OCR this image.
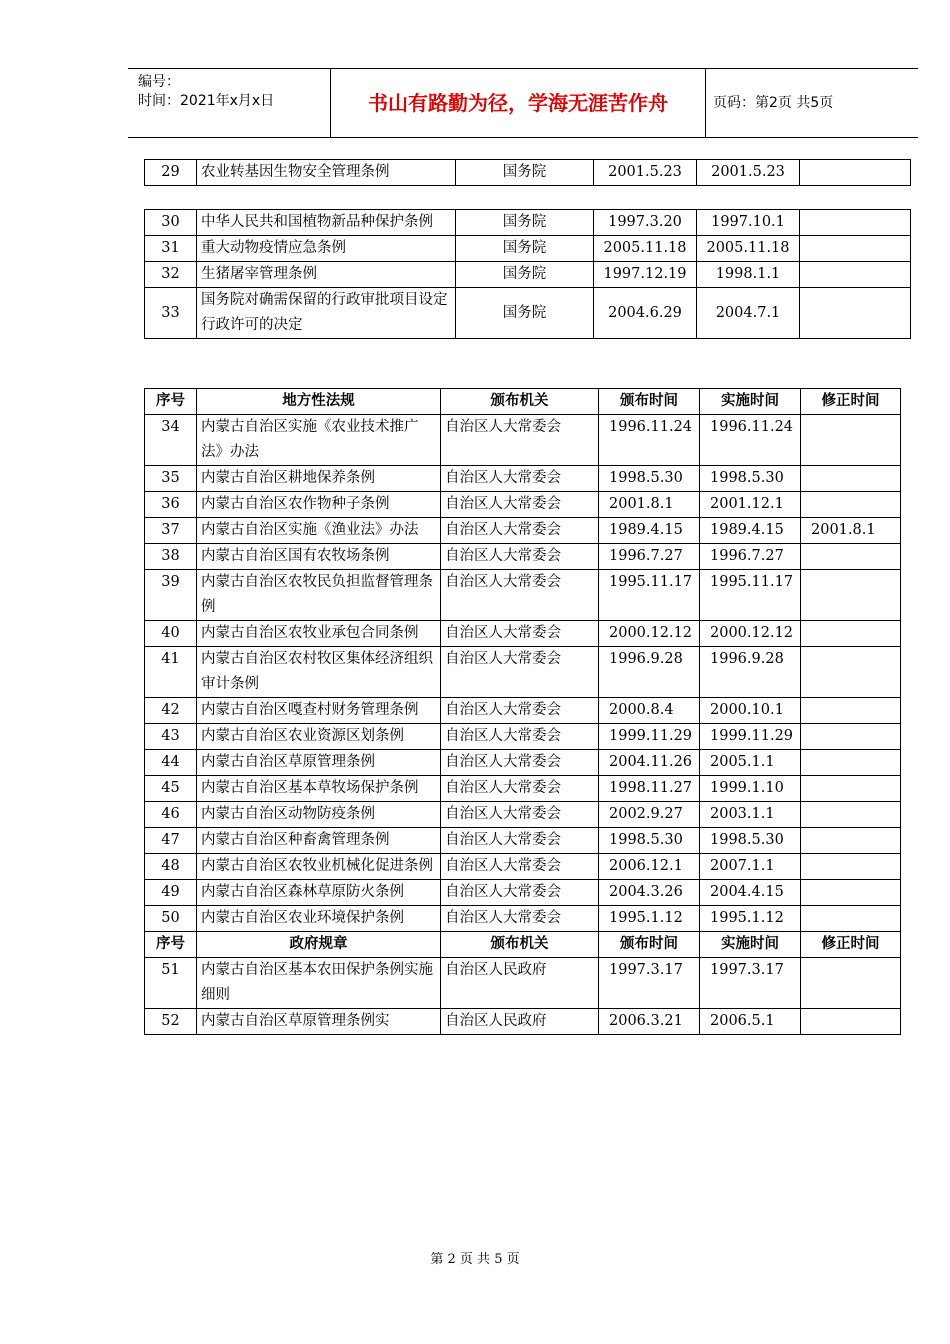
编号：
时间：2021年x月x日	书山有路勤为径，学海无涯苦作舟	页码：第2页 共5页
29	农业转基因生物安全管理条例	国务院	2001.5.23	2001.5.23	
30	中华人民共和国植物新品种保护条例	国务院	1997.3.20	1997.10.1	
31	重大动物疫情应急条例	国务院	2005.11.18	2005.11.18	
32	生猪屠宰管理条例	国务院	1997.12.19	1998.1.1	
33	国务院对确需保留的行政审批项目设定行政许可的决定	国务院	2004.6.29	2004.7.1	
序号	地方性法规	颁布机关	颁布时间	实施时间	修正时间
34	内蒙古自治区实施《农业技术推广法》办法	自治区人大常委会	1996.11.24	1996.11.24	
35	内蒙古自治区耕地保养条例	自治区人大常委会	1998.5.30	1998.5.30	
36	内蒙古自治区农作物种子条例	自治区人大常委会	2001.8.1	2001.12.1	
37	内蒙古自治区实施《渔业法》办法	自治区人大常委会	1989.4.15	1989.4.15	2001.8.1
38	内蒙古自治区国有农牧场条例	自治区人大常委会	1996.7.27	1996.7.27	
39	内蒙古自治区农牧民负担监督管理条例	自治区人大常委会	1995.11.17	1995.11.17	
40	内蒙古自治区农牧业承包合同条例	自治区人大常委会	2000.12.12	2000.12.12	
41	内蒙古自治区农村牧区集体经济组织审计条例	自治区人大常委会	1996.9.28	1996.9.28	
42	内蒙古自治区嘎查村财务管理条例	自治区人大常委会	2000.8.4	2000.10.1	
43	内蒙古自治区农业资源区划条例	自治区人大常委会	1999.11.29	1999.11.29	
44	内蒙古自治区草原管理条例	自治区人大常委会	2004.11.26	2005.1.1	
45	内蒙古自治区基本草牧场保护条例	自治区人大常委会	1998.11.27	1999.1.10	
46	内蒙古自治区动物防疫条例	自治区人大常委会	2002.9.27	2003.1.1	
47	内蒙古自治区种畜禽管理条例	自治区人大常委会	1998.5.30	1998.5.30	
48	内蒙古自治区农牧业机械化促进条例	自治区人大常委会	2006.12.1	2007.1.1	
49	内蒙古自治区森林草原防火条例	自治区人大常委会	2004.3.26	2004.4.15	
50	内蒙古自治区农业环境保护条例	自治区人大常委会	1995.1.12	1995.1.12	
序号	政府规章	颁布机关	颁布时间	实施时间	修正时间
51	内蒙古自治区基本农田保护条例实施细则	自治区人民政府	1997.3.17	1997.3.17	
52	内蒙古自治区草原管理条例实	自治区人民政府	2006.3.21	2006.5.1	
第 2 页 共 5 页
